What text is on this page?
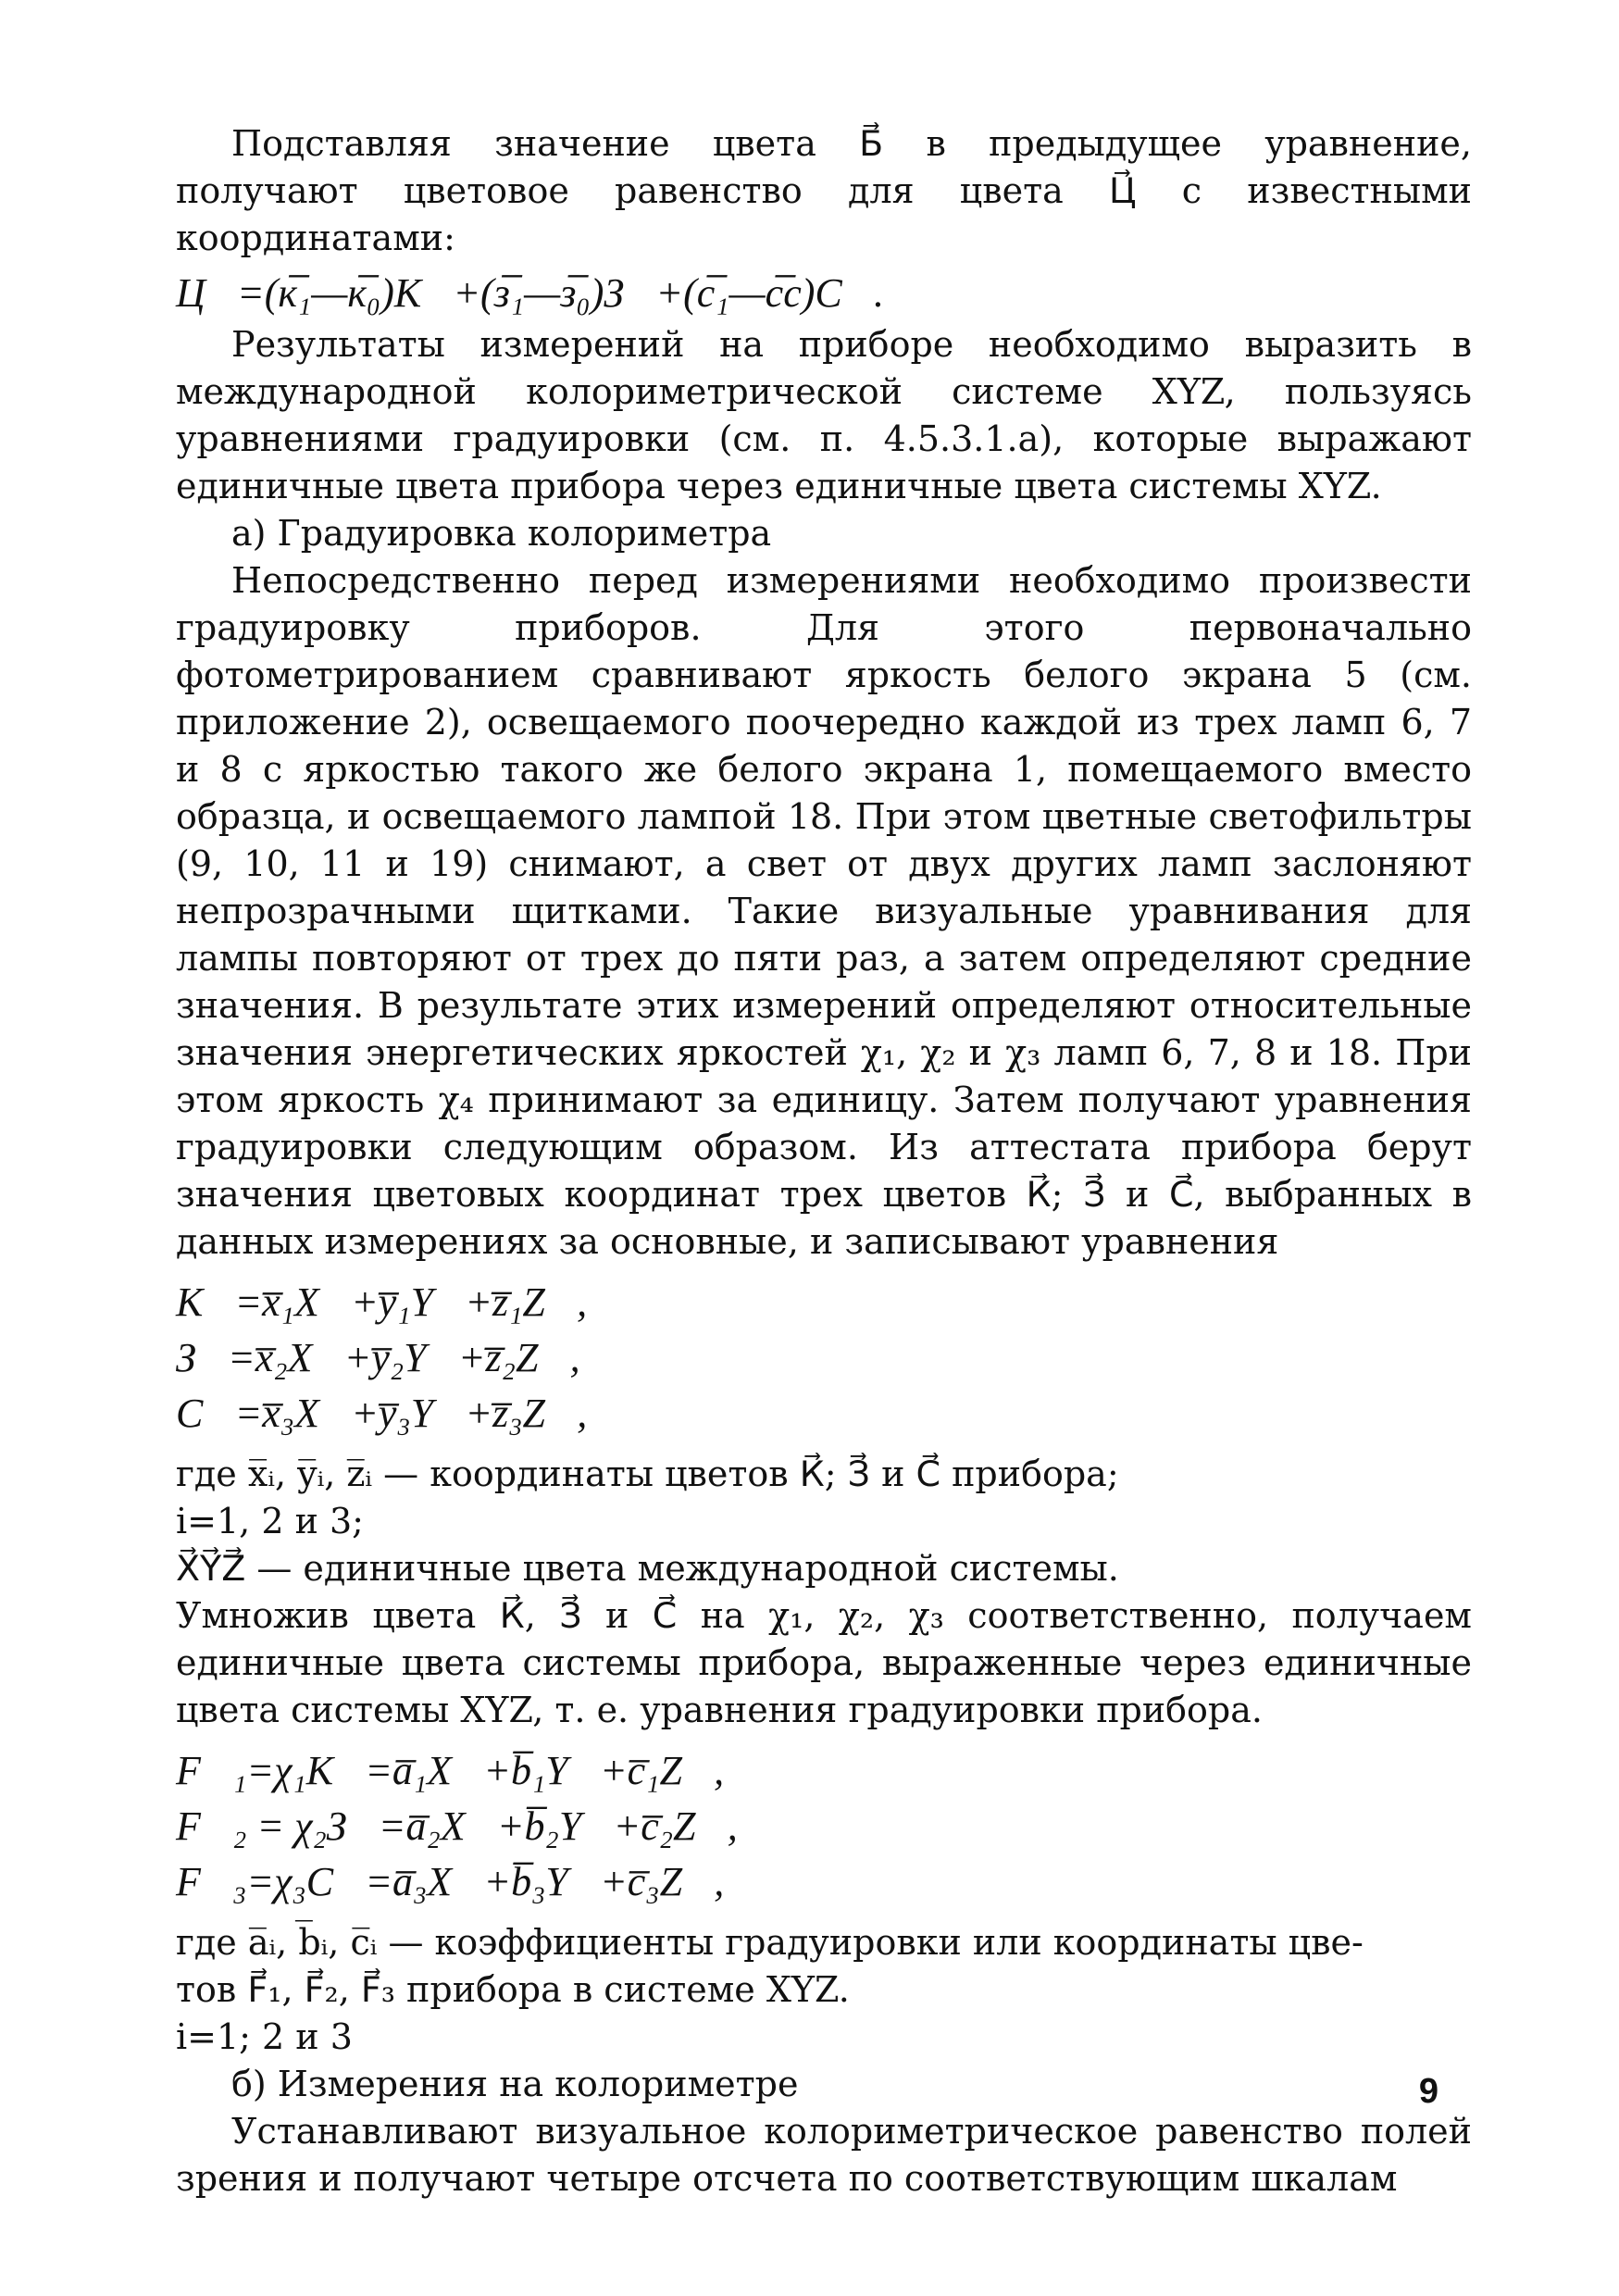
Подставляя значение цвета Б⃗ в предыдущее уравнение, получают цветовое равенство для цвета Ц⃗ с известными координатами:

Ц⃗=(к̅₁—к̅₀)К⃗+(з̅₁—з̅₀)З⃗+(с̅₁—с̅с)С⃗.

Результаты измерений на приборе необходимо выразить в международной колориметрической системе XYZ, пользуясь уравнениями градуировки (см. п. 4.5.3.1.а), которые выражают единичные цвета прибора через единичные цвета системы XYZ.

а) Градуировка колориметра

Непосредственно перед измерениями необходимо произвести градуировку приборов. Для этого первоначально фотометрированием сравнивают яркость белого экрана 5 (см. приложение 2), освещаемого поочередно каждой из трех ламп 6, 7 и 8 с яркостью такого же белого экрана 1, помещаемого вместо образца, и освещаемого лампой 18. При этом цветные светофильтры (9, 10, 11 и 19) снимают, а свет от двух других ламп заслоняют непрозрачными щитками. Такие визуальные уравнивания для лампы повторяют от трех до пяти раз, а затем определяют средние значения. В результате этих измерений определяют относительные значения энергетических яркостей χ₁, χ₂ и χ₃ ламп 6, 7, 8 и 18. При этом яркость χ₄ принимают за единицу. Затем получают уравнения градуировки следующим образом. Из аттестата прибора берут значения цветовых координат трех цветов К⃗; З⃗ и С⃗, выбранных в данных измерениях за основные, и записывают уравнения

К⃗=x̅₁X⃗+y̅₁Y⃗+z̅₁Z⃗,

З⃗=x̅₂X⃗+y̅₂Y⃗+z̅₂Z⃗,

С⃗=x̅₃X⃗+y̅₃Y⃗+z̅₃Z⃗,

где x̅ᵢ, y̅ᵢ, z̅ᵢ — координаты цветов К⃗; З⃗ и С⃗ прибора;

i=1, 2 и 3;

X⃗Y⃗Z⃗ — единичные цвета международной системы.

Умножив цвета К⃗, З⃗ и С⃗ на χ₁, χ₂, χ₃ соответственно, получаем единичные цвета системы прибора, выраженные через единичные цвета системы XYZ, т. е. уравнения градуировки прибора.

F⃗₁=χ₁К⃗=a̅₁X⃗+b̅₁Y⃗+c̅₁Z⃗,

F⃗₂ = χ₂З⃗=a̅₂X⃗+b̅₂Y⃗+c̅₂Z⃗,

F⃗₃=χ₃С⃗=a̅₃X⃗+b̅₃Y⃗+c̅₃Z⃗,

где a̅ᵢ, b̅ᵢ, c̅ᵢ — коэффициенты градуировки или координаты цве-

тов F⃗₁, F⃗₂, F⃗₃ прибора в системе XYZ.

i=1; 2 и 3

б) Измерения на колориметре

Устанавливают визуальное колориметрическое равенство полей зрения и получают четыре отсчета по соответствующим шкалам

9
